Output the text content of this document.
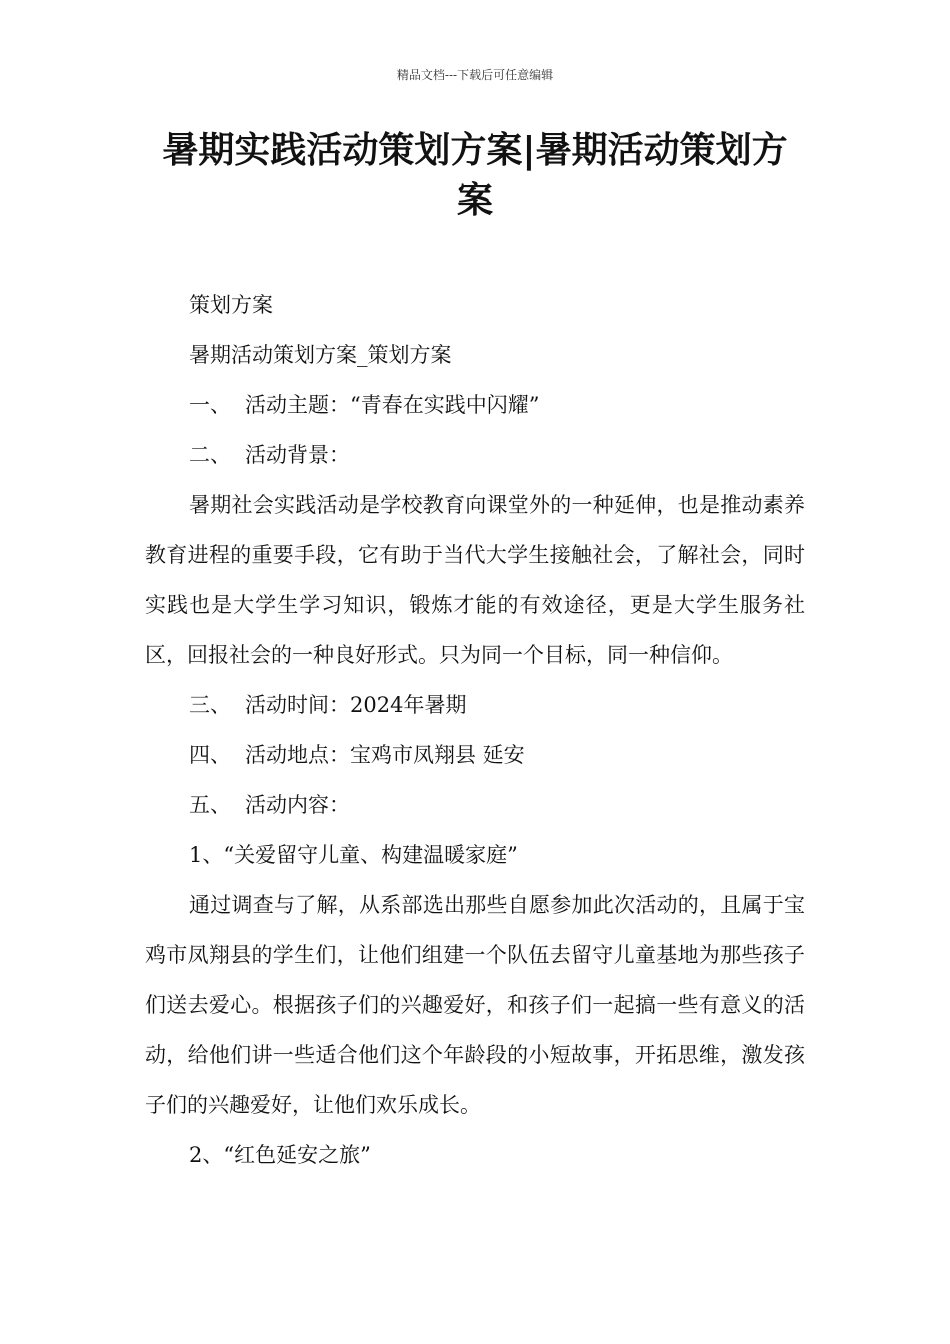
精品文档---下载后可任意编辑
暑期实践活动策划方案|暑期活动策划方案
策划方案
暑期活动策划方案_策划方案
一、 活动主题：“青春在实践中闪耀”
二、 活动背景：
暑期社会实践活动是学校教育向课堂外的一种延伸，也是推动素养教育进程的重要手段，它有助于当代大学生接触社会，了解社会，同时实践也是大学生学习知识，锻炼才能的有效途径，更是大学生服务社区，回报社会的一种良好形式。只为同一个目标，同一种信仰。
三、 活动时间：2024年暑期
四、 活动地点：宝鸡市凤翔县 延安
五、 活动内容：
1、“关爱留守儿童、构建温暖家庭”
通过调查与了解，从系部选出那些自愿参加此次活动的，且属于宝鸡市凤翔县的学生们，让他们组建一个队伍去留守儿童基地为那些孩子们送去爱心。根据孩子们的兴趣爱好，和孩子们一起搞一些有意义的活动，给他们讲一些适合他们这个年龄段的小短故事，开拓思维，激发孩子们的兴趣爱好，让他们欢乐成长。
2、“红色延安之旅”
